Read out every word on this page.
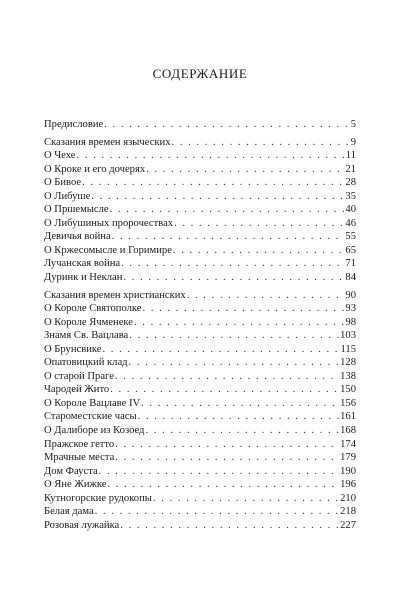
СОДЕРЖАНИЕ
Предисловие . . .	5
Сказания времен языческих . . .	9
О Чехе . . .	11
О Кроке и его дочерях . . .	21
О Бивое . . .	28
О Либуше . . .	35
О Пршемысле . . .	40
О Либушиных пророчествах . . .	46
Девичья война . . .	55
О Кржесомысле и Горимире . . .	65
Лучанская война . . .	71
Дуринк и Неклан . . .	84
Сказания времен христианских . . .	90
О Короле Святополке . . .	93
О Короле Ячменеке . . .	98
Знамя Св. Вацлава . . .	103
О Брунсвике . . .	115
Опатовицкий клад . . .	128
О старой Праге . . .	138
Чародей Жито . . .	150
О Короле Вацлаве IV . . .	156
Староместские часы . . .	161
О Далиборе из Козоед . . .	168
Пражское гетто . . .	174
Мрачные места . . .	179
Дом Фауста . . .	190
О Яне Жижке . . .	196
Кутногорские рудокопы . . .	210
Белая дама . . .	218
Розовая лужайка . . .	227
